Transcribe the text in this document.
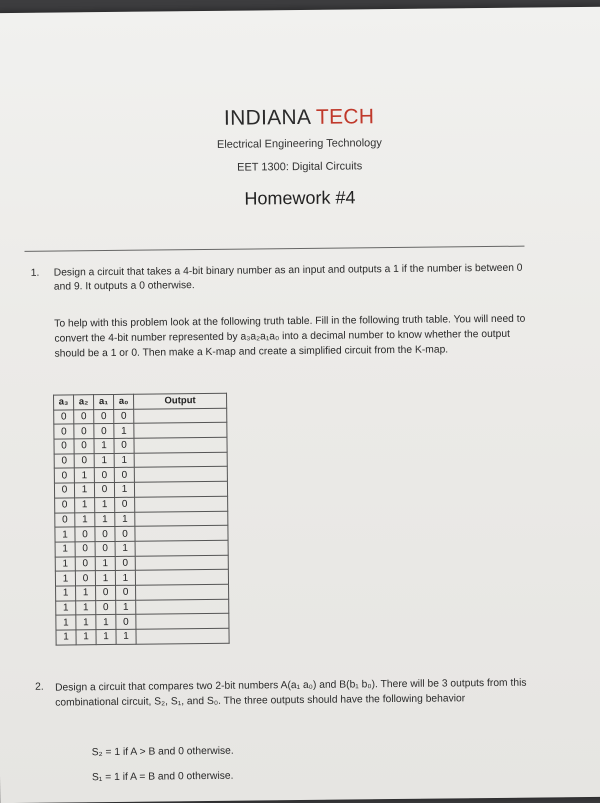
INDIANA TECH
Electrical Engineering Technology
EET 1300: Digital Circuits
Homework #4
1. Design a circuit that takes a 4-bit binary number as an input and outputs a 1 if the number is between 0 and 9. It outputs a 0 otherwise.
To help with this problem look at the following truth table. Fill in the following truth table. You will need to convert the 4-bit number represented by a₃a₂a₁a₀ into a decimal number to know whether the output should be a 1 or 0. Then make a K-map and create a simplified circuit from the K-map.
a₃	a₂	a₁	a₀	Output
0	0	0	0	
0	0	0	1	
0	0	1	0	
0	0	1	1	
0	1	0	0	
0	1	0	1	
0	1	1	0	
0	1	1	1	
1	0	0	0	
1	0	0	1	
1	0	1	0	
1	0	1	1	
1	1	0	0	
1	1	0	1	
1	1	1	0	
1	1	1	1	
2. Design a circuit that compares two 2-bit numbers A(a₁ a₀) and B(b₁ b₀). There will be 3 outputs from this combinational circuit, S₂, S₁, and S₀. The three outputs should have the following behavior
S₂ = 1 if A > B and 0 otherwise.
S₁ = 1 if A = B and 0 otherwise.
